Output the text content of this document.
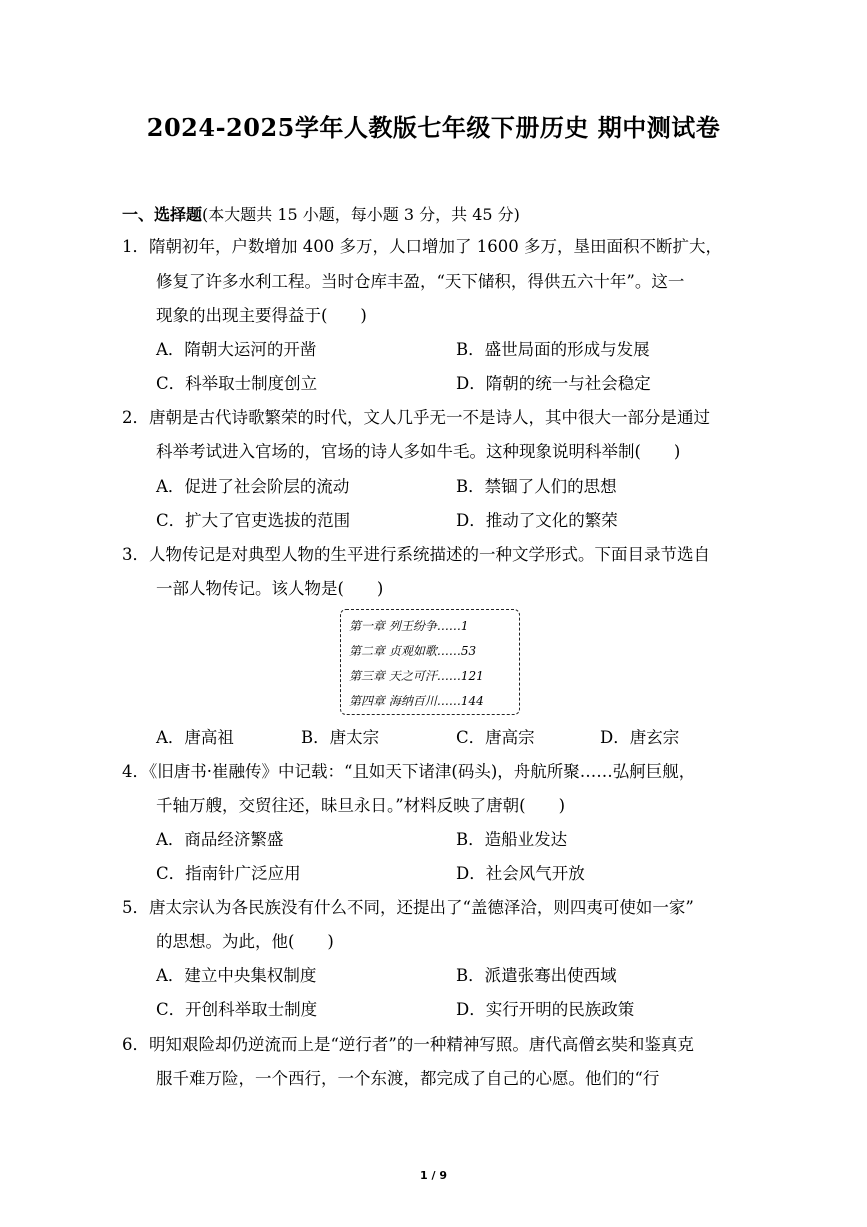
2024-2025学年人教版七年级下册历史 期中测试卷
一、选择题(本大题共 15 小题，每小题 3 分，共 45 分)
1．隋朝初年，户数增加 400 多万，人口增加了 1600 多万，垦田面积不断扩大，
修复了许多水利工程。当时仓库丰盈，“天下储积，得供五六十年”。这一
现象的出现主要得益于(　　)
A．隋朝大运河的开凿	B．盛世局面的形成与发展
C．科举取士制度创立	D．隋朝的统一与社会稳定
2．唐朝是古代诗歌繁荣的时代，文人几乎无一不是诗人，其中很大一部分是通过
科举考试进入官场的，官场的诗人多如牛毛。这种现象说明科举制(　　)
A．促进了社会阶层的流动	B．禁锢了人们的思想
C．扩大了官吏选拔的范围	D．推动了文化的繁荣
3．人物传记是对典型人物的生平进行系统描述的一种文学形式。下面目录节选自
一部人物传记。该人物是(　　)
第一章 列王纷争……1
第二章 贞观如歌……53
第三章 天之可汗……121
第四章 海纳百川……144
A．唐高祖	B．唐太宗	C．唐高宗	D．唐玄宗
4．《旧唐书·崔融传》中记载：“且如天下诸津(码头)，舟航所聚……弘舸巨舰，
千轴万艘，交贸往还，昧旦永日。”材料反映了唐朝(　　)
A．商品经济繁盛	B．造船业发达
C．指南针广泛应用	D．社会风气开放
5．唐太宗认为各民族没有什么不同，还提出了“盖德泽洽，则四夷可使如一家”
的思想。为此，他(　　)
A．建立中央集权制度	B．派遣张骞出使西域
C．开创科举取士制度	D．实行开明的民族政策
6．明知艰险却仍逆流而上是“逆行者”的一种精神写照。唐代高僧玄奘和鉴真克
服千难万险，一个西行，一个东渡，都完成了自己的心愿。他们的“行
1 / 9
